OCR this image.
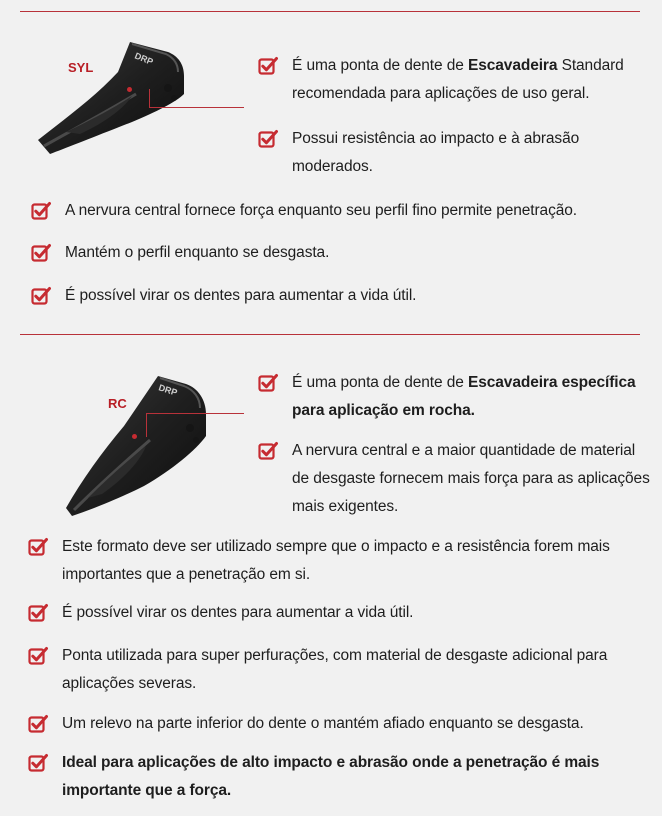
DRP
SYL	É uma ponta de dente de Escavadeira Standard recomendada para aplicações de uso geral.
Possui resistência ao impacto e à abrasão moderados.
A nervura central fornece força enquanto seu perfil fino permite penetração.
Mantém o perfil enquanto se desgasta.
É possível virar os dentes para aumentar a vida útil.
DRP
RC
É uma ponta de dente de Escavadeira específica para aplicação em rocha.
A nervura central e a maior quantidade de material de desgaste fornecem mais força para as aplicações mais exigentes.
Este formato deve ser utilizado sempre que o impacto e a resistência forem mais importantes que a penetração em si.
É possível virar os dentes para aumentar a vida útil.
Ponta utilizada para super perfurações, com material de desgaste adicional para aplicações severas.
Um relevo na parte inferior do dente o mantém afiado enquanto se desgasta.
Ideal para aplicações de alto impacto e abrasão onde a penetração é mais importante que a força.
